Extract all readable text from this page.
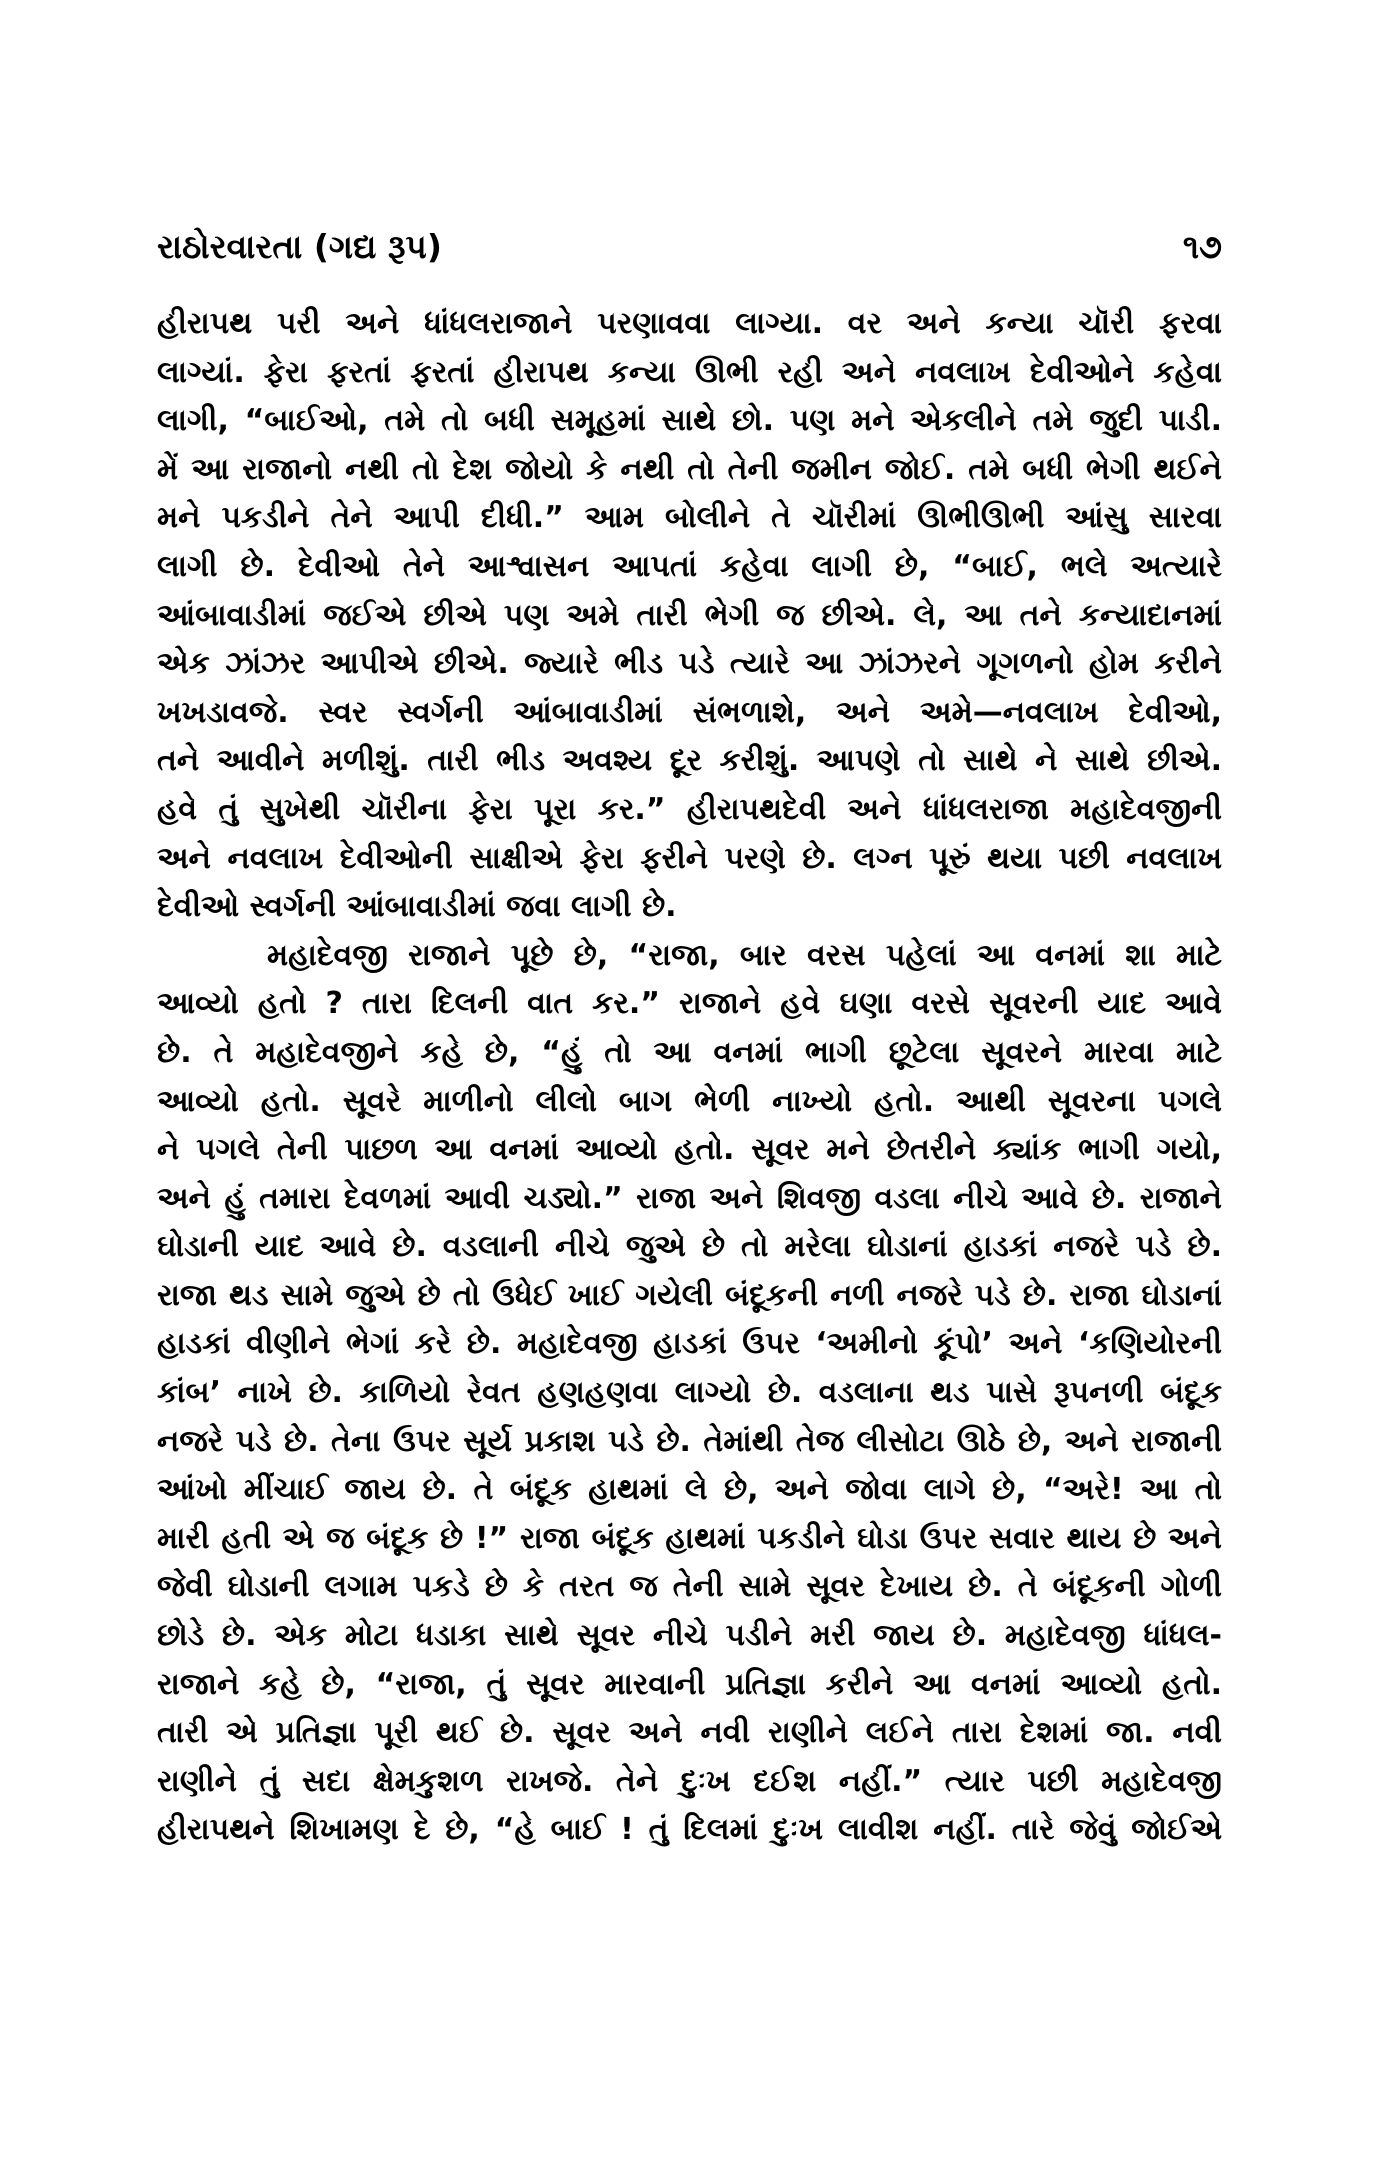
રાઠોરવારતા (ગદ્ય રૂપ)	૧૭
હીરાપથ પરી અને ધાંધલરાજાને પરણાવવા લાગ્યા. વર અને કન્યા ચૉરી ફરવા
લાગ્યાં. ફેરા ફરતાં ફરતાં હીરાપથ કન્યા ઊભી રહી અને નવલાખ દેવીઓને કહેવા
લાગી, “બાઈઓ, તમે તો બધી સમૂહમાં સાથે છો. પણ મને એકલીને તમે જુદી પાડી.
મેં આ રાજાનો નથી તો દેશ જોયો કે નથી તો તેની જમીન જોઈ. તમે બધી ભેગી થઈને
મને પકડીને તેને આપી દીધી.” આમ બોલીને તે ચૉરીમાં ઊભીઊભી આંસુ સારવા
લાગી છે. દેવીઓ તેને આશ્વાસન આપતાં કહેવા લાગી છે, “બાઈ, ભલે અત્યારે
આંબાવાડીમાં જઈએ છીએ પણ અમે તારી ભેગી જ છીએ. લે, આ તને કન્યાદાનમાં
એક ઝાંઝર આપીએ છીએ. જ્યારે ભીડ પડે ત્યારે આ ઝાંઝરને ગૂગળનો હોમ કરીને
ખખડાવજે. સ્વર સ્વર્ગની આંબાવાડીમાં સંભળાશે, અને અમે—નવલાખ દેવીઓ,
તને આવીને મળીશું. તારી ભીડ અવશ્ય દૂર કરીશું. આપણે તો સાથે ને સાથે છીએ.
હવે તું સુખેથી ચૉરીના ફેરા પૂરા કર.” હીરાપથદેવી અને ધાંધલરાજા મહાદેવજીની
અને નવલાખ દેવીઓની સાક્ષીએ ફેરા ફરીને પરણે છે. લગ્ન પૂરું થયા પછી નવલાખ
દેવીઓ સ્વર્ગની આંબાવાડીમાં જવા લાગી છે.
મહાદેવજી રાજાને પૂછે છે, “રાજા, બાર વરસ પહેલાં આ વનમાં શા માટે
આવ્યો હતો ? તારા દિલની વાત કર.” રાજાને હવે ઘણા વરસે સૂવરની યાદ આવે
છે. તે મહાદેવજીને કહે છે, “હું તો આ વનમાં ભાગી છૂટેલા સૂવરને મારવા માટે
આવ્યો હતો. સૂવરે માળીનો લીલો બાગ ભેળી નાખ્યો હતો. આથી સૂવરના પગલે
ને પગલે તેની પાછળ આ વનમાં આવ્યો હતો. સૂવર મને છેતરીને ક્યાંક ભાગી ગયો,
અને હું તમારા દેવળમાં આવી ચડ્યો.” રાજા અને શિવજી વડલા નીચે આવે છે. રાજાને
ઘોડાની યાદ આવે છે. વડલાની નીચે જુએ છે તો મરેલા ઘોડાનાં હાડકાં નજરે પડે છે.
રાજા થડ સામે જુએ છે તો ઉધેઈ ખાઈ ગયેલી બંદૂકની નળી નજરે પડે છે. રાજા ઘોડાનાં
હાડકાં વીણીને ભેગાં કરે છે. મહાદેવજી હાડકાં ઉપર ‘અમીનો કૂંપો’ અને ‘કણિયોરની
કાંબ’ નાખે છે. કાળિયો રેવત હણહણવા લાગ્યો છે. વડલાના થડ પાસે રૂપનળી બંદૂક
નજરે પડે છે. તેના ઉપર સૂર્ય પ્રકાશ પડે છે. તેમાંથી તેજ લીસોટા ઊઠે છે, અને રાજાની
આંખો મીંચાઈ જાય છે. તે બંદૂક હાથમાં લે છે, અને જોવા લાગે છે, “અરે! આ તો
મારી હતી એ જ બંદૂક છે !” રાજા બંદૂક હાથમાં પકડીને ઘોડા ઉપર સવાર થાય છે અને
જેવી ઘોડાની લગામ પકડે છે કે તરત જ તેની સામે સૂવર દેખાય છે. તે બંદૂકની ગોળી
છોડે છે. એક મોટા ધડાકા સાથે સૂવર નીચે પડીને મરી જાય છે. મહાદેવજી ધાંધલ-
રાજાને કહે છે, “રાજા, તું સૂવર મારવાની પ્રતિજ્ઞા કરીને આ વનમાં આવ્યો હતો.
તારી એ પ્રતિજ્ઞા પૂરી થઈ છે. સૂવર અને નવી રાણીને લઈને તારા દેશમાં જા. નવી
રાણીને તું સદા ક્ષેમકુશળ રાખજે. તેને દુઃખ દઈશ નહીં.” ત્યાર પછી મહાદેવજી
હીરાપથને શિખામણ દે છે, “હે બાઈ ! તું દિલમાં દુઃખ લાવીશ નહીં. તારે જેવું જોઈએ
